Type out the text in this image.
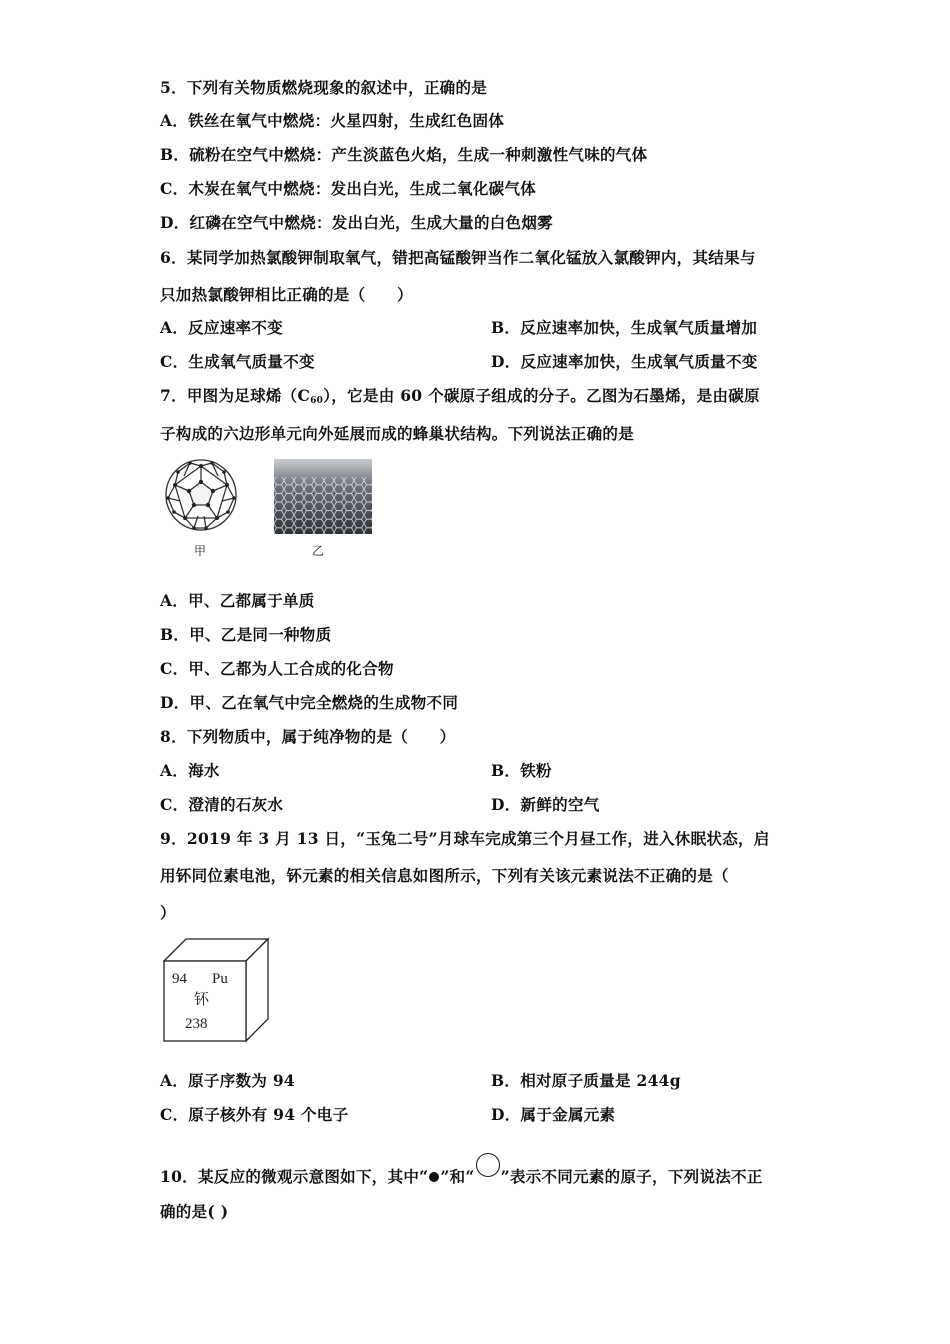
5．下列有关物质燃烧现象的叙述中，正确的是
A．铁丝在氧气中燃烧：火星四射，生成红色固体
B．硫粉在空气中燃烧：产生淡蓝色火焰，生成一种刺激性气味的气体
C．木炭在氧气中燃烧：发出白光，生成二氧化碳气体
D．红磷在空气中燃烧：发出白光，生成大量的白色烟雾
6．某同学加热氯酸钾制取氧气，错把高锰酸钾当作二氧化锰放入氯酸钾内，其结果与
只加热氯酸钾相比正确的是（　　）
A．反应速率不变	B．反应速率加快，生成氧气质量增加
C．生成氧气质量不变	D．反应速率加快，生成氧气质量不变
7．甲图为足球烯$(C_{60})$，它是由 60 个碳原子组成的分子。乙图为石墨烯，是由碳原
子构成的六边形单元向外延展而成的蜂巢状结构。下列说法正确的是
甲	乙
A．甲、乙都属于单质
B．甲、乙是同一种物质
C．甲、乙都为人工合成的化合物
D．甲、乙在氧气中完全燃烧的生成物不同
8．下列物质中，属于纯净物的是（　　）
A．海水	B．铁粉
C．澄清的石灰水	D．新鲜的空气
9．2019 年 3 月 13 日，“玉兔二号”月球车完成第三个月昼工作，进入休眠状态，启
用钚同位素电池，钚元素的相关信息如图所示，下列有关该元素说法不正确的是（
）
94 Pu
钚
238
A．原子序数为 94	B．相对原子质量是 244g
C．原子核外有 94 个电子	D．属于金属元素
10．某反应的微观示意图如下，其中“ ”和“ ”表示不同元素的原子，下列说法不正
确的是( )
